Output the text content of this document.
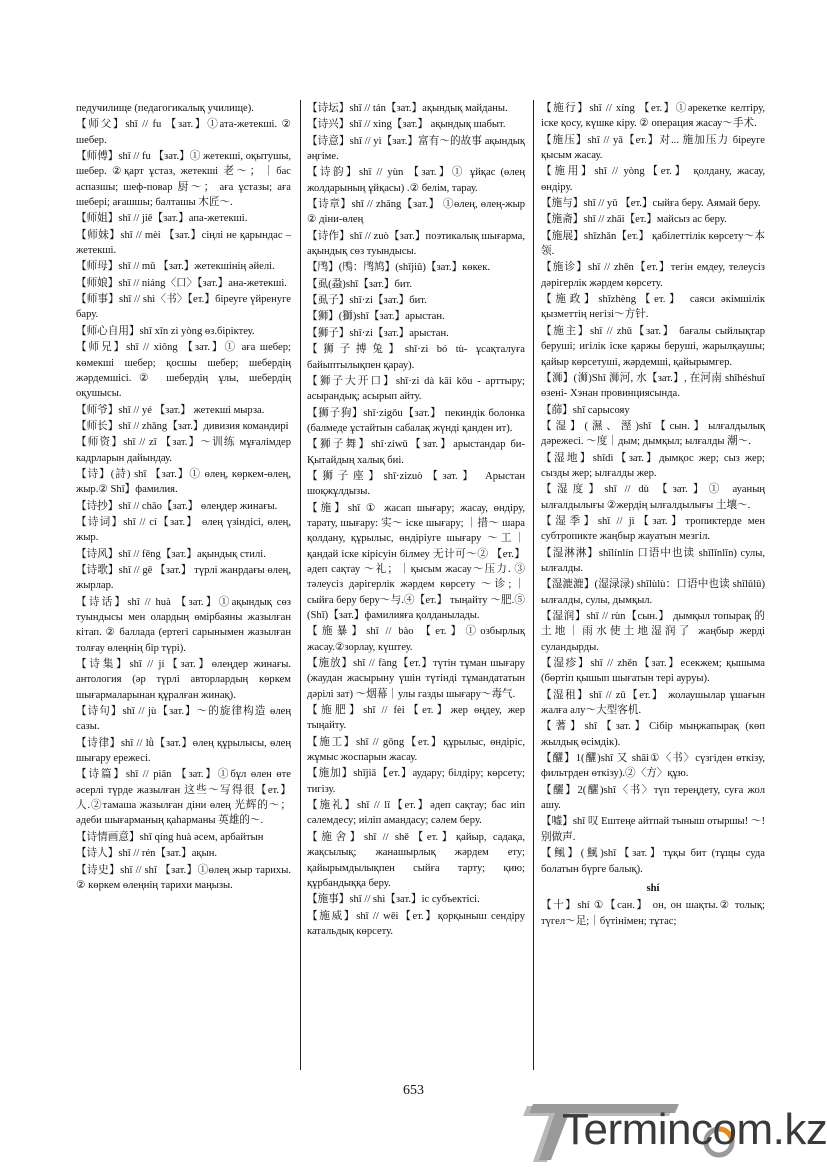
педучилище (педагогикалық училище).
【师父】shī // fu 【зат.】①ата-жетекші. ② шебер.
【师傅】shī // fu 【зат.】① жетекші, оқытушы, шебер. ②қарт ұстаз, жетекші 老～；｜бас аспазшы; шеф-повар 厨～； аға ұстазы; аға шебері; ағашшы; балташы 木匠～.
【师姐】shī // jiě【зат.】апа-жетекші.
【师妹】shī // mèi 【зат.】сіңлі не қарындас – жетекші.
【师母】shī // mǔ 【зат.】жетекшінің әйелі.
【师娘】shī // niáng〈口〉【зат.】ана-жетекші.
【师事】shī // shì〈书〉【ет.】біреуге үйренуге бару.
【师心自用】shī xīn zì yòng өз.біріктеу.
【师兄】shī // xiōng 【зат.】① аға шебер; көмекші шебер; қосшы шебер; шебердің жәрдемшісі.② шебердің ұлы, шебердің оқушысы.
【师爷】shī // yé 【зат.】 жетекші мырза.
【师长】shī // zhǎng【зат.】дивизия командирі
【师资】shī // zī 【зат.】～训练 мұғалімдер кадрларын дайындау.
【诗】(詩) shī 【зат.】① өлең, көркем-өлең, жыр.② Shī】фамилия.
【诗抄】shī // chāo【зат.】 өлеңдер жинағы.
【诗词】shī // cí【зат.】 өлең үзіндісі, өлең, жыр.
【诗风】shī // fēng【зат.】ақындық стилі.
【诗歌】shī // gē 【зат.】 түрлі жанрдағы өлең, жырлар.
【诗话】shī // huà 【зат.】①ақындық сөз туындысы мен олардың өмірбаяны жазылған кітап. ② баллада (ертегі сарынымен жазылған толғау өлеңнің бір түрі).
【诗集】shī // jí【зат.】өлеңдер жинағы. антология (әр түрлі авторлардың көркем шығармаларынан құралған жинақ).
【诗句】shī // jù【зат.】～的旋律构造 өлең сазы.
【诗律】shī // lǜ【зат.】өлең құрылысы, өлең шығару ережесі.
【诗篇】shī // piān 【зат.】①бұл өлен өте әсерлі түрде жазылған 这些～写得很【ет.】人.②тамаша жазылған діни өлең 光辉的～； әдеби шығарманың қаһарманы 英雄的～.
【诗情画意】shī qíng huà әсем, арбайтын
【诗人】shī // rén【зат.】ақын.
【诗史】shī // shǐ 【зат.】①өлең жыр тарихы. ② көркем өлеңнің тарихи маңызы.
【诗坛】shī // tán【зат.】ақындық майданы.
【诗兴】shī // xìng【зат.】 ақындық шабыт.
【诗意】shī // yì【зат.】富有～的故事 ақындық әңгіме.
【诗韵】shī // yùn 【зат.】① ұйқас (өлең жолдарының ұйқасы) .② белім, тарау.
【诗章】shī // zhāng【зат.】 ①өлең, өлең-жыр ② діни-өлең
【诗作】shī // zuò【зат.】поэтикалық шығарма, ақындық сөз туындысы.
【鸤】(鳲：鸤鸠】(shījiū)【зат.】көкек.
【虱(蝨)shī【зат.】бит.
【虱子】shī·zi【зат.】бит.
【狮】(獅)shī【зат.】арыстан.
【狮子】shī·zi【зат.】арыстан.
【狮子搏兔】shī·zi bó tù- ұсақталуға байыптылықпен қарау).
【狮子大开口】shī·zi dà kāi kǒu - арттыру; асырандық; асырып айту.
【狮子狗】shī·zigǒu【зат.】 пекиндік болонка (балмеде ұстайтын сабалақ жүнді қанден ит).
【狮子舞】shī·ziwǔ【зат.】арыстандар би- Қытайдың халық биі.
【狮子座】shī·zizuò【зат.】 Арыстан шоқжұлдызы.
【施】shī ① жасап шығару; жасау, өндіру, тарату, шығару: 实～ іске шығару; ｜措～ шара қолдану, құрылыс, өндіріуге шығару ～工｜қандай іске кірісуін білмеу 无计可～② 【ет.】 әдеп сақтау ～礼；｜қысым жасау～压力. ③ тәлеусіз дәрігерлік жәрдем көрсету ～诊;｜сыйға беру беру～与.④【ет.】 тыңайту ～肥.⑤ (Shī)【зат.】фамилияға қолданылады.
【施暴】shī // bào 【ет.】①озбырлық жасау.②зорлау, күштеу.
【施放】shī // fàng【ет.】түтін тұман шығару (жаудан жасырыну үшін түтінді тұмандататын дәрілі зат) ～烟幕｜улы газды шығару～毒气.
【施肥】shī // fèi【ет.】жер өңдеу, жер тыңайту.
【施工】shī // gōng【ет.】құрылыс, өндіріс, жұмыс жоспарын жасау.
【施加】shījiā【ет.】аудару; білдіру; көрсету; тигізу.
【施礼】shī // lǐ【ет.】әдеп сақтау; бас иіп сәлемдесу; иіліп амандасу; сәлем беру.
【施舍】shī // shě【ет.】қайыр, садақа, жақсылық; жанашырлық жәрдем ету; қайырымдылықпен сыйға тарту; қию; құрбандыққа беру.
【施事】shī // shì【зат.】іс субъектісі.
【施威】shī // wēi【ет.】қорқыныш сендіру катальдық көрсету.
【施行】shī // xíng 【ет.】①әрекетке келтіру, іске қосу, күшке кіру. ② операция жасау～手术.
【施压】shī // yā【ет.】对... 施加压力 біреуге қысым жасау.
【施用】shī // yòng【ет.】 қолдану, жасау, өндіру.
【施与】shī // yǔ 【ет.】сыйға беру. Аямай беру.
【施斋】shī // zhāi【ет.】майсыз ас беру.
【施展】shīzhǎn【ет.】 қабілеттілік көрсету～本领.
【施诊】shī // zhěn【ет.】тегін емдеу, телеусіз дәрігерлік жәрдем көрсету.
【施政】shīzhèng【ет.】 саяси әкімшілік қызметтің негізі～方针.
【施主】shī // zhǔ【зат.】 бағалы сыйлықтар беруші; игілік іске қаржы беруші, жарылқаушы; қайыр көрсетуші, жәрдемші, қайырымгер.
【浉】(浉)Shī 浉河, 水【зат.】, 在河南 shīhéshuǐ өзені- Хэнан провинциясында.
【蒒】shī сарысояу
【湿】(濕、溼)shī【сын.】ылғалдылық дәрежесі. ～度｜дым; дымқыл; ылғалды 潮～.
【湿地】shīdì【зат.】дымқос жер; сыз жер; сызды жер; ылғалды жер.
【湿度】shī // dù 【зат.】① ауаның ылғалдылығы ②жердің ылғалдылығы 土壤～.
【湿季】shī // jì【зат.】тропиктерде мен субтропикте жаңбыр жауатын мезгіл.
【湿淋淋】shīlínlín 口语中也读 shīlīnlīn) сулы, ылғалды.
【湿漉漉】(湿渌渌) shīlùlù：口语中也读 shīlūlū) ылғалды, сулы, дымқыл.
【湿润】shī // rùn【сын.】 дымқыл топырақ 的土地｜雨水使土地湿润了 жаңбыр жерді суландырды.
【湿疹】shī // zhěn【зат.】есекжем; қышыма (бөртіп қышып шығатын тері ауруы).
【湿租】shī // zū【ет.】 жолаушылар ұшағын жалға алу～大型客机.
【蓍】shī【зат.】Сібір мыңжапырақ (көп жылдық өсімдік).
【釃】1(釃)shī 又 shāi①〈书〉сүзгіден өткізу, фильтрден өткізу).②〈方〉құю.
【釃】2(釃)shī〈书〉түп тереңдету, суға жол ашу.
【嘘】shī 叹 Ештеңе айтпай тыныш отыршы! ～!别做声.
【鲺】(鯴)shī【зат.】тұқы бит (тұщы суда болатын бүрге балық).
shí
【十】shí ①【сан.】 он, он шақты.② толық; түгел～足;｜бүтінімен; тұтас;
653
Termincom.kz
